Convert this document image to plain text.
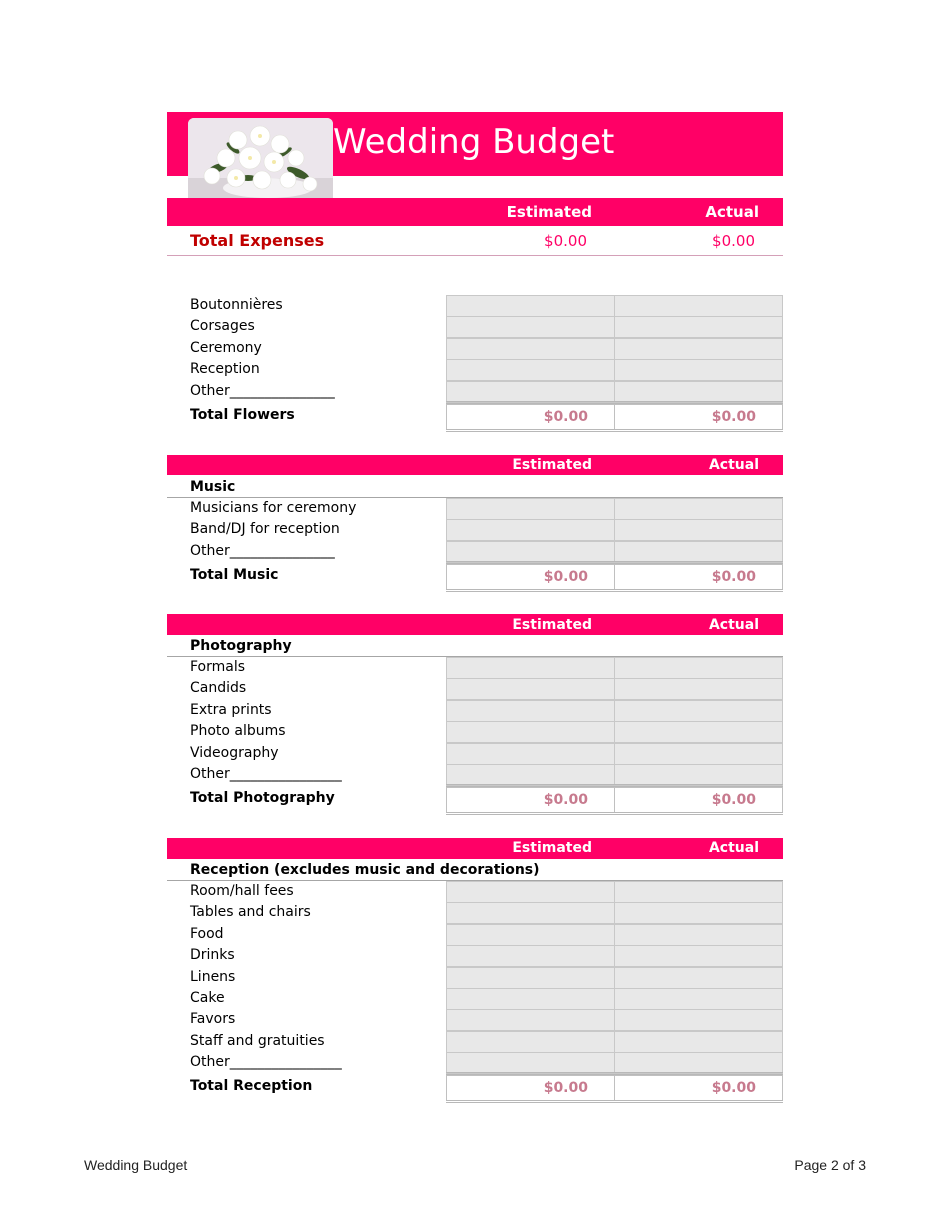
Wedding Budget
Estimated	Actual
Total Expenses	$0.00	$0.00
Boutonnières
Corsages
Ceremony
Reception
Other_______________
Total Flowers	$0.00	$0.00
Estimated	Actual
Music
Musicians for ceremony
Band/DJ for reception
Other_______________
Total Music	$0.00	$0.00
Estimated	Actual
Photography
Formals
Candids
Extra prints
Photo albums
Videography
Other________________
Total Photography	$0.00	$0.00
Estimated	Actual
Reception (excludes music and decorations)
Room/hall fees
Tables and chairs
Food
Drinks
Linens
Cake
Favors
Staff and gratuities
Other________________
Total Reception	$0.00	$0.00
Wedding Budget	Page 2 of 3
